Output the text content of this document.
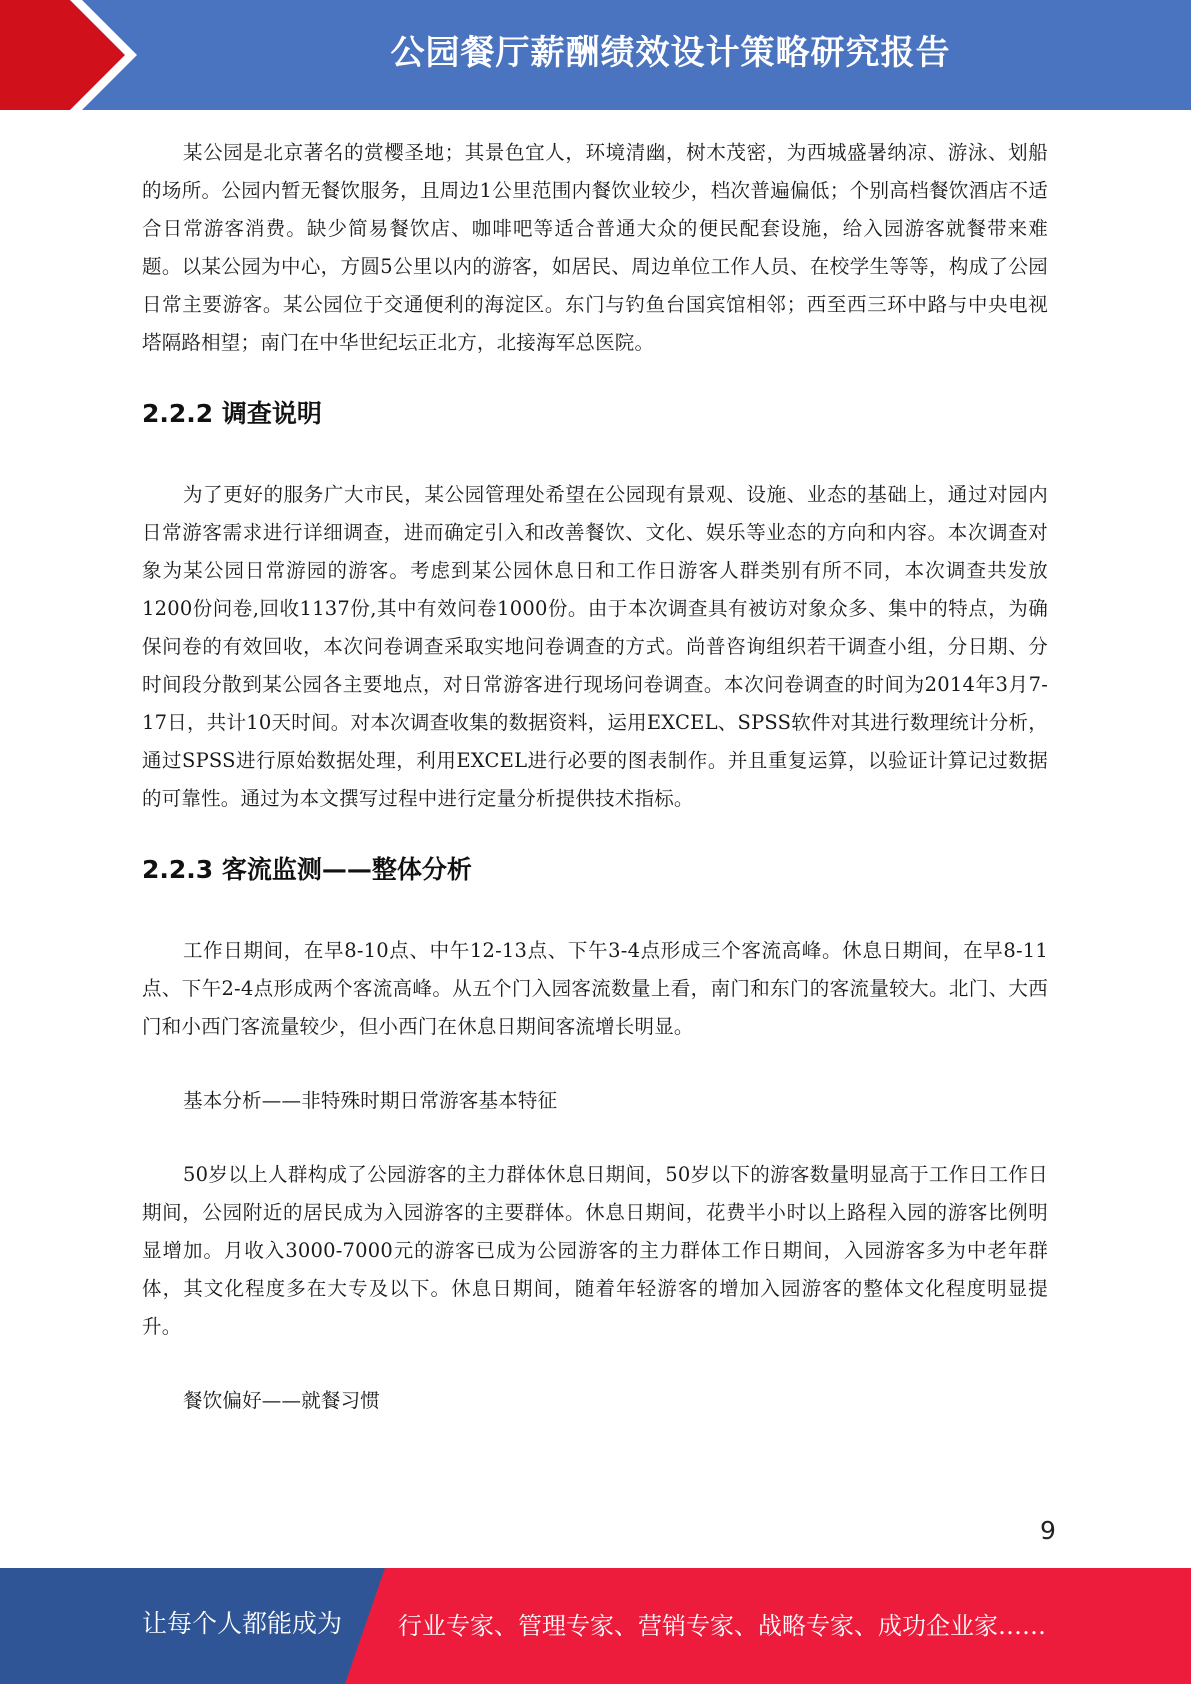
公园餐厅薪酬绩效设计策略研究报告

某公园是北京著名的赏樱圣地；其景色宜人，环境清幽，树木茂密，为西城盛暑纳凉、游泳、划船的场所。公园内暂无餐饮服务，且周边1公里范围内餐饮业较少，档次普遍偏低；个别高档餐饮酒店不适合日常游客消费。缺少简易餐饮店、咖啡吧等适合普通大众的便民配套设施，给入园游客就餐带来难题。以某公园为中心，方圆5公里以内的游客，如居民、周边单位工作人员、在校学生等等，构成了公园日常主要游客。某公园位于交通便利的海淀区。东门与钓鱼台国宾馆相邻；西至西三环中路与中央电视塔隔路相望；南门在中华世纪坛正北方，北接海军总医院。

2.2.2 调查说明

为了更好的服务广大市民，某公园管理处希望在公园现有景观、设施、业态的基础上，通过对园内日常游客需求进行详细调查，进而确定引入和改善餐饮、文化、娱乐等业态的方向和内容。本次调查对象为某公园日常游园的游客。考虑到某公园休息日和工作日游客人群类别有所不同，本次调查共发放1200份问卷,回收1137份,其中有效问卷1000份。由于本次调查具有被访对象众多、集中的特点，为确保问卷的有效回收，本次问卷调查采取实地问卷调查的方式。尚普咨询组织若干调查小组，分日期、分时间段分散到某公园各主要地点，对日常游客进行现场问卷调查。本次问卷调查的时间为2014年3月7-17日，共计10天时间。对本次调查收集的数据资料，运用EXCEL、SPSS软件对其进行数理统计分析，通过SPSS进行原始数据处理，利用EXCEL进行必要的图表制作。并且重复运算，以验证计算记过数据的可靠性。通过为本文撰写过程中进行定量分析提供技术指标。

2.2.3 客流监测——整体分析

工作日期间，在早8-10点、中午12-13点、下午3-4点形成三个客流高峰。休息日期间，在早8-11点、下午2-4点形成两个客流高峰。从五个门入园客流数量上看，南门和东门的客流量较大。北门、大西门和小西门客流量较少，但小西门在休息日期间客流增长明显。

基本分析——非特殊时期日常游客基本特征

50岁以上人群构成了公园游客的主力群体休息日期间，50岁以下的游客数量明显高于工作日工作日期间，公园附近的居民成为入园游客的主要群体。休息日期间，花费半小时以上路程入园的游客比例明显增加。月收入3000-7000元的游客已成为公园游客的主力群体工作日期间，入园游客多为中老年群体，其文化程度多在大专及以下。休息日期间，随着年轻游客的增加入园游客的整体文化程度明显提升。

餐饮偏好——就餐习惯

9
让每个人都能成为 行业专家、管理专家、营销专家、战略专家、成功企业家……
